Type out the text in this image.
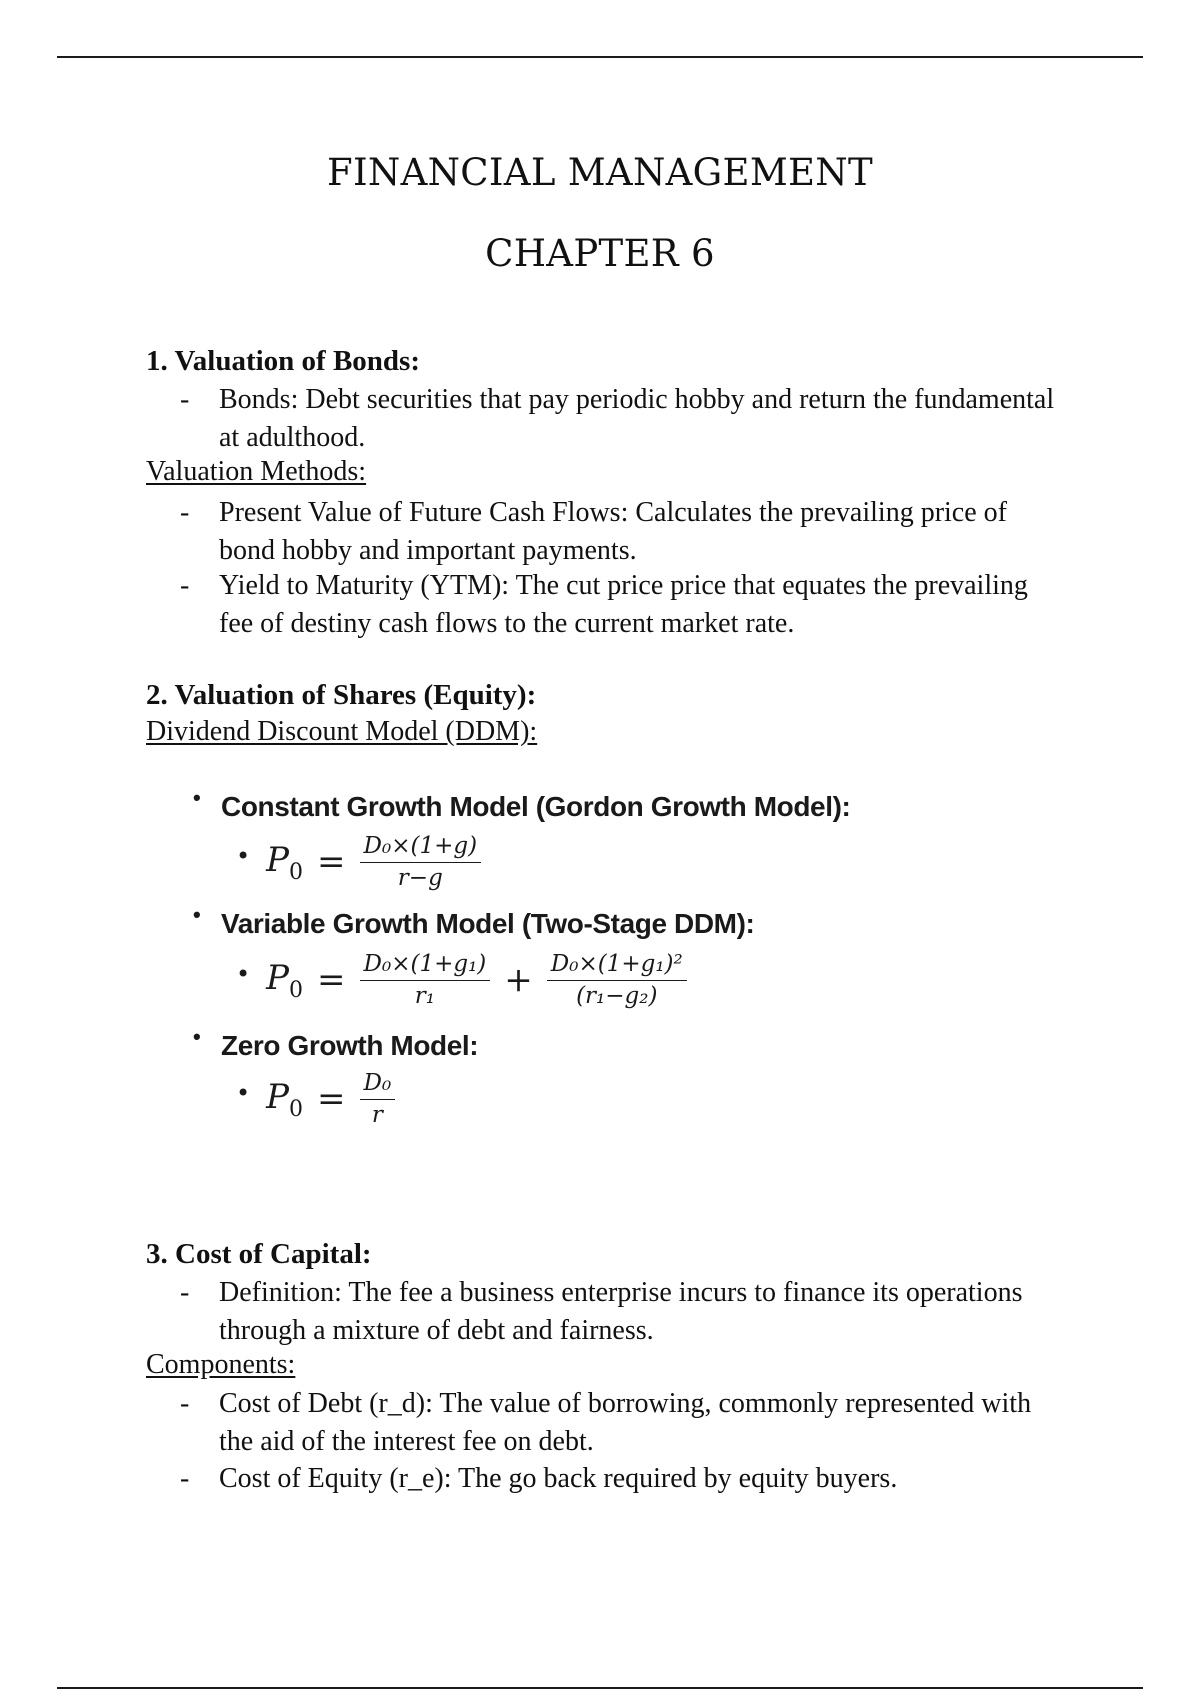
FINANCIAL MANAGEMENT
CHAPTER 6
1. Valuation of Bonds:
- Bonds: Debt securities that pay periodic hobby and return the fundamental at adulthood.
Valuation Methods:
- Present Value of Future Cash Flows: Calculates the prevailing price of bond hobby and important payments.
- Yield to Maturity (YTM): The cut price price that equates the prevailing fee of destiny cash flows to the current market rate.
2. Valuation of Shares (Equity):
Dividend Discount Model (DDM):
• Constant Growth Model (Gordon Growth Model):
• $P_0 = \frac{\text{D₀×(1+g)}}{r-g}$
• Variable Growth Model (Two-Stage DDM):
• $P_0 = \frac{\text{D₀×(1+g₁)}}{\text{r₁}} + \frac{\text{D₀×(1+g₁)²}}{\text{(r₁−g₂)}}$
• Zero Growth Model:
• $P_0 = \frac{\text{D₀}}{r}$
3. Cost of Capital:
- Definition: The fee a business enterprise incurs to finance its operations through a mixture of debt and fairness.
Components:
- Cost of Debt (r_d): The value of borrowing, commonly represented with the aid of the interest fee on debt.
- Cost of Equity (r_e): The go back required by equity buyers.
